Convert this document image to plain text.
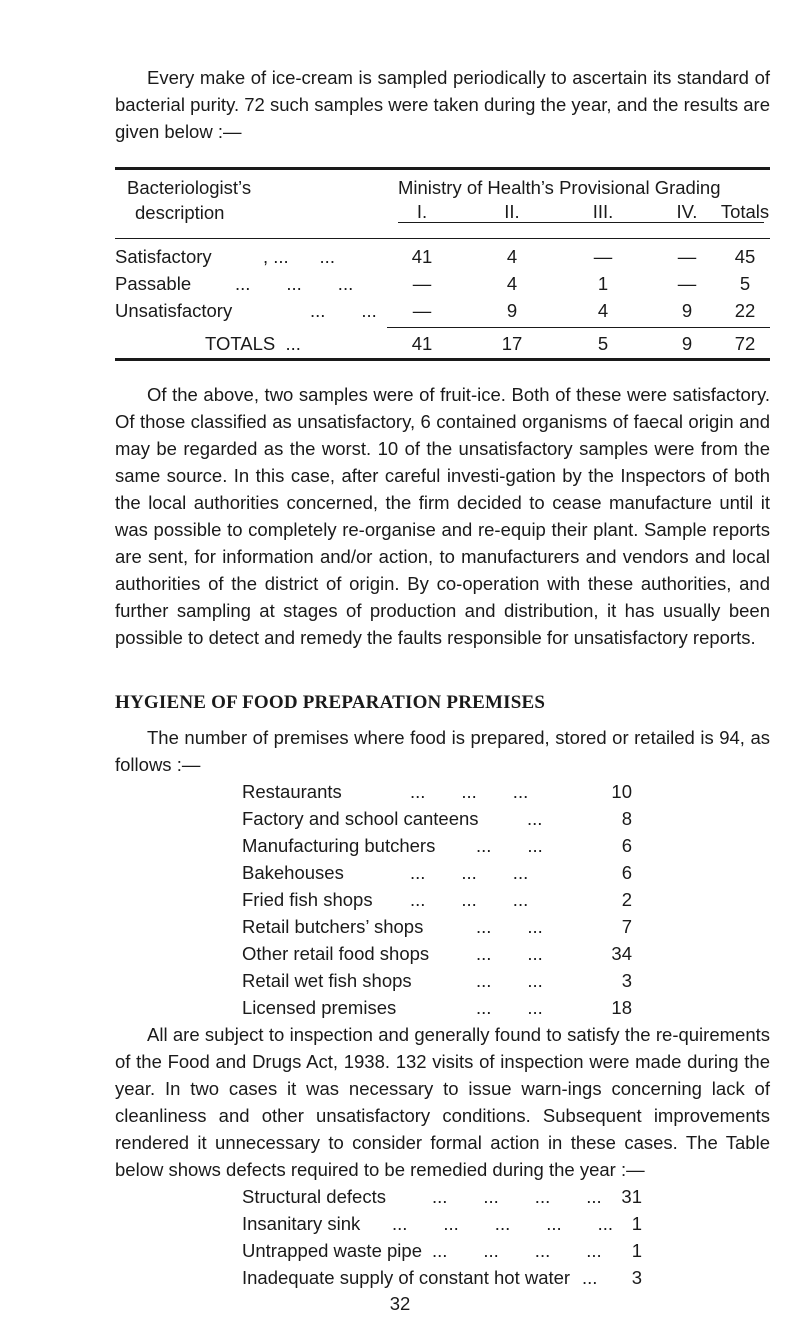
Every make of ice-cream is sampled periodically to ascertain its standard of bacterial purity. 72 such samples were taken during the year, and the results are given below :—

Bacteriologist’s
description
Ministry of Health’s Provisional Grading
I.	II.	III.	IV.	Totals
Satisfactory	, ...      ...	41	4	—	—	45
Passable ...       ...       ...	—	4	1	—	5
Unsatisfactory	...       ...	—	9	4	9	22
TOTALS  ...	41	17	5	9	72

Of the above, two samples were of fruit-ice. Both of these were satisfactory. Of those classified as unsatisfactory, 6 contained organisms of faecal origin and may be regarded as the worst. 10 of the unsatisfactory samples were from the same source. In this case, after careful investi-gation by the Inspectors of both the local authorities concerned, the firm decided to cease manufacture until it was possible to completely re-organise and re-equip their plant. Sample reports are sent, for information and/or action, to manufacturers and vendors and local authorities of the district of origin. By co-operation with these authorities, and further sampling at stages of production and distribution, it has usually been possible to detect and remedy the faults responsible for unsatisfactory reports.

HYGIENE OF FOOD PREPARATION PREMISES

The number of premises where food is prepared, stored or retailed is 94, as follows :—

Restaurants	...       ...       ...	10
Factory and school canteens	...	8
Manufacturing butchers ...       ...	6
Bakehouses	...       ...       ...	6
Fried fish shops ...       ...       ...	2
Retail butchers’ shops	...       ...	7
Other retail food shops	...       ...	34
Retail wet fish shops	...       ...	3
Licensed premises	...       ...	18

All are subject to inspection and generally found to satisfy the re-quirements of the Food and Drugs Act, 1938. 132 visits of inspection were made during the year. In two cases it was necessary to issue warn-ings concerning lack of cleanliness and other unsatisfactory conditions. Subsequent improvements rendered it unnecessary to consider formal action in these cases. The Table below shows defects required to be remedied during the year :—

Structural defects ...       ...       ...       ...	31
Insanitary sink ...       ...       ...       ...       ...	1
Untrapped waste pipe ...       ...       ...       ...	1
Inadequate supply of constant hot water ...	3
32
